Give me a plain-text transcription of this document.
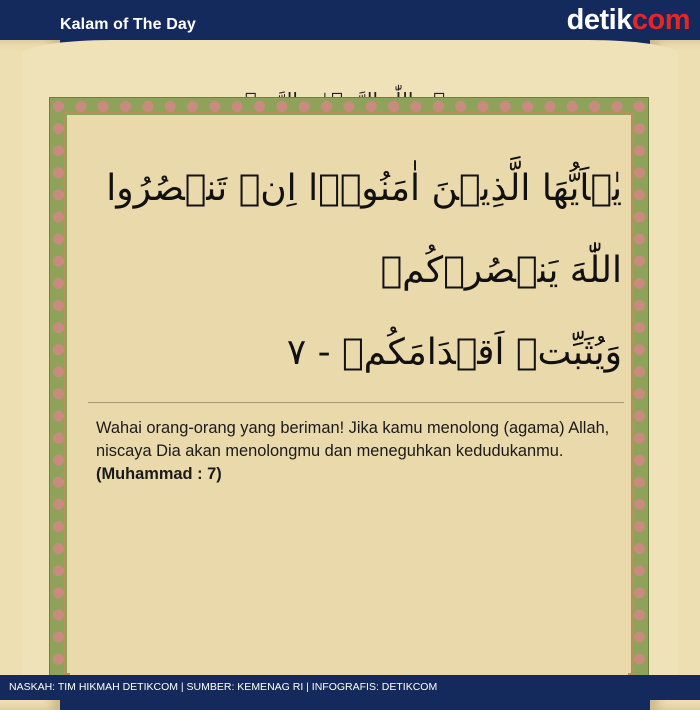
Kalam of The Day	detikcom
يٰۤاَيُّهَا الَّذِيۡنَ اٰمَنُوۡۤا اِنۡ تَنۡصُرُوا اللّٰهَ يَنۡصُرۡكُمۡ
وَيُثَبِّتۡ اَقۡدَامَكُمۡ - ٧
Wahai orang-orang yang beriman! Jika kamu menolong (agama) Allah, niscaya Dia akan menolongmu dan meneguhkan kedudukanmu. (Muhammad : 7)
NASKAH: TIM HIKMAH DETIKCOM | SUMBER: KEMENAG RI | INFOGRAFIS: DETIKCOM
